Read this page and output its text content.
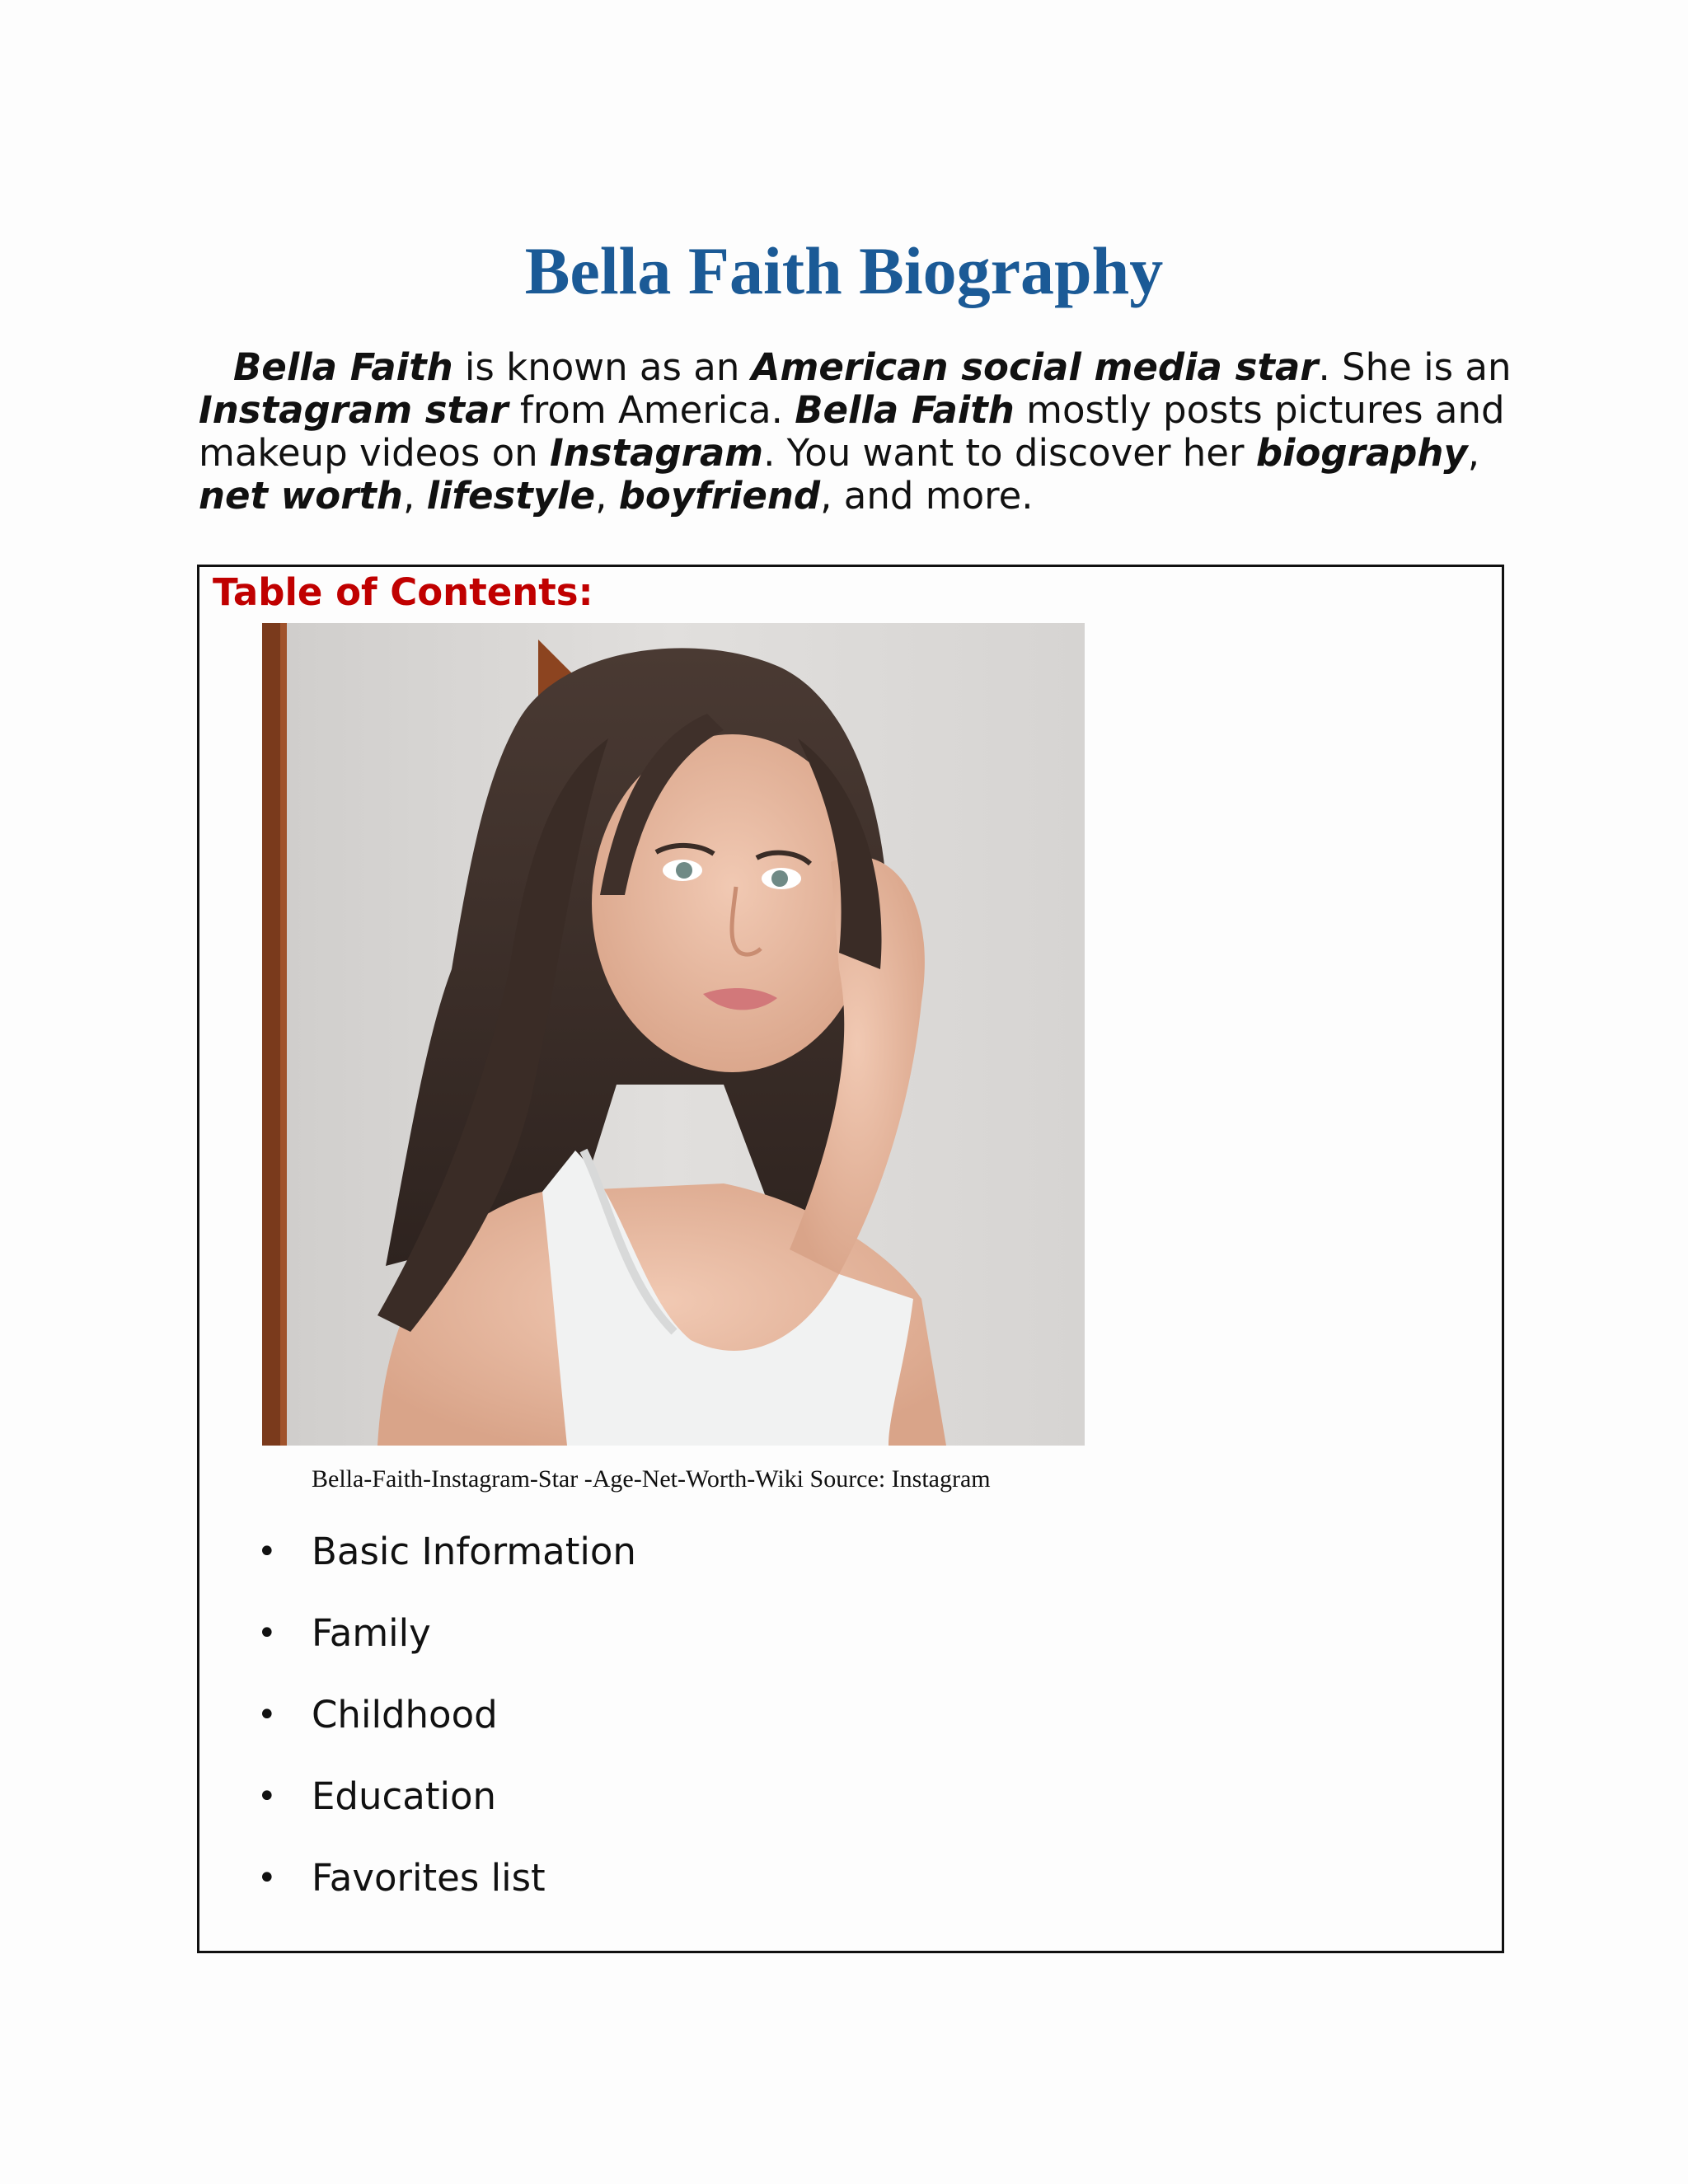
Bella Faith Biography

Bella Faith is known as an American social media star. She is an Instagram star from America. Bella Faith mostly posts pictures and makeup videos on Instagram. You want to discover her biography, net worth, lifestyle, boyfriend, and more.

Table of Contents:
Bella-Faith-Instagram-Star -Age-Net-Worth-Wiki Source: Instagram
• Basic Information
• Family
• Childhood
• Education
• Favorites list
